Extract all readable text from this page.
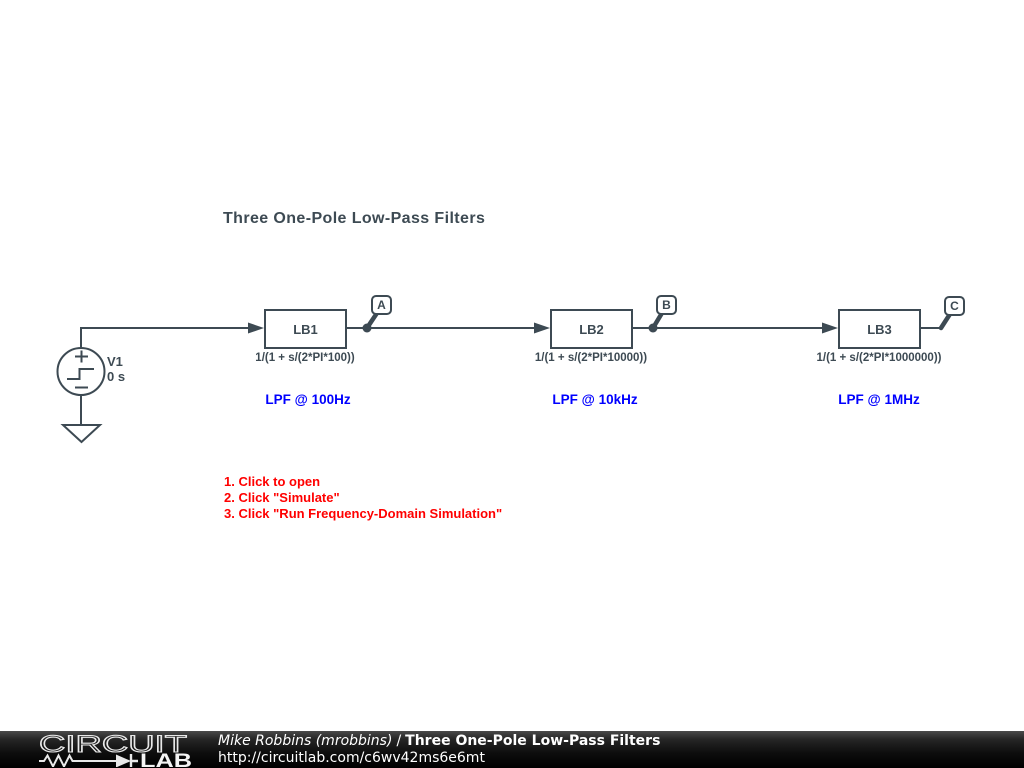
Three One-Pole Low-Pass Filters
V1
0 s
LB1	LB2	LB3
1/(1 + s/(2*PI*100))	1/(1 + s/(2*PI*10000))	1/(1 + s/(2*PI*1000000))
LPF @ 100Hz	LPF @ 10kHz	LPF @ 1MHz
A	B	C
1. Click to open
2. Click "Simulate"
3. Click "Run Frequency-Domain Simulation"
CIRCUIT
LAB
Mike Robbins (mrobbins) / Three One-Pole Low-Pass Filters
http://circuitlab.com/c6wv42ms6e6mt
